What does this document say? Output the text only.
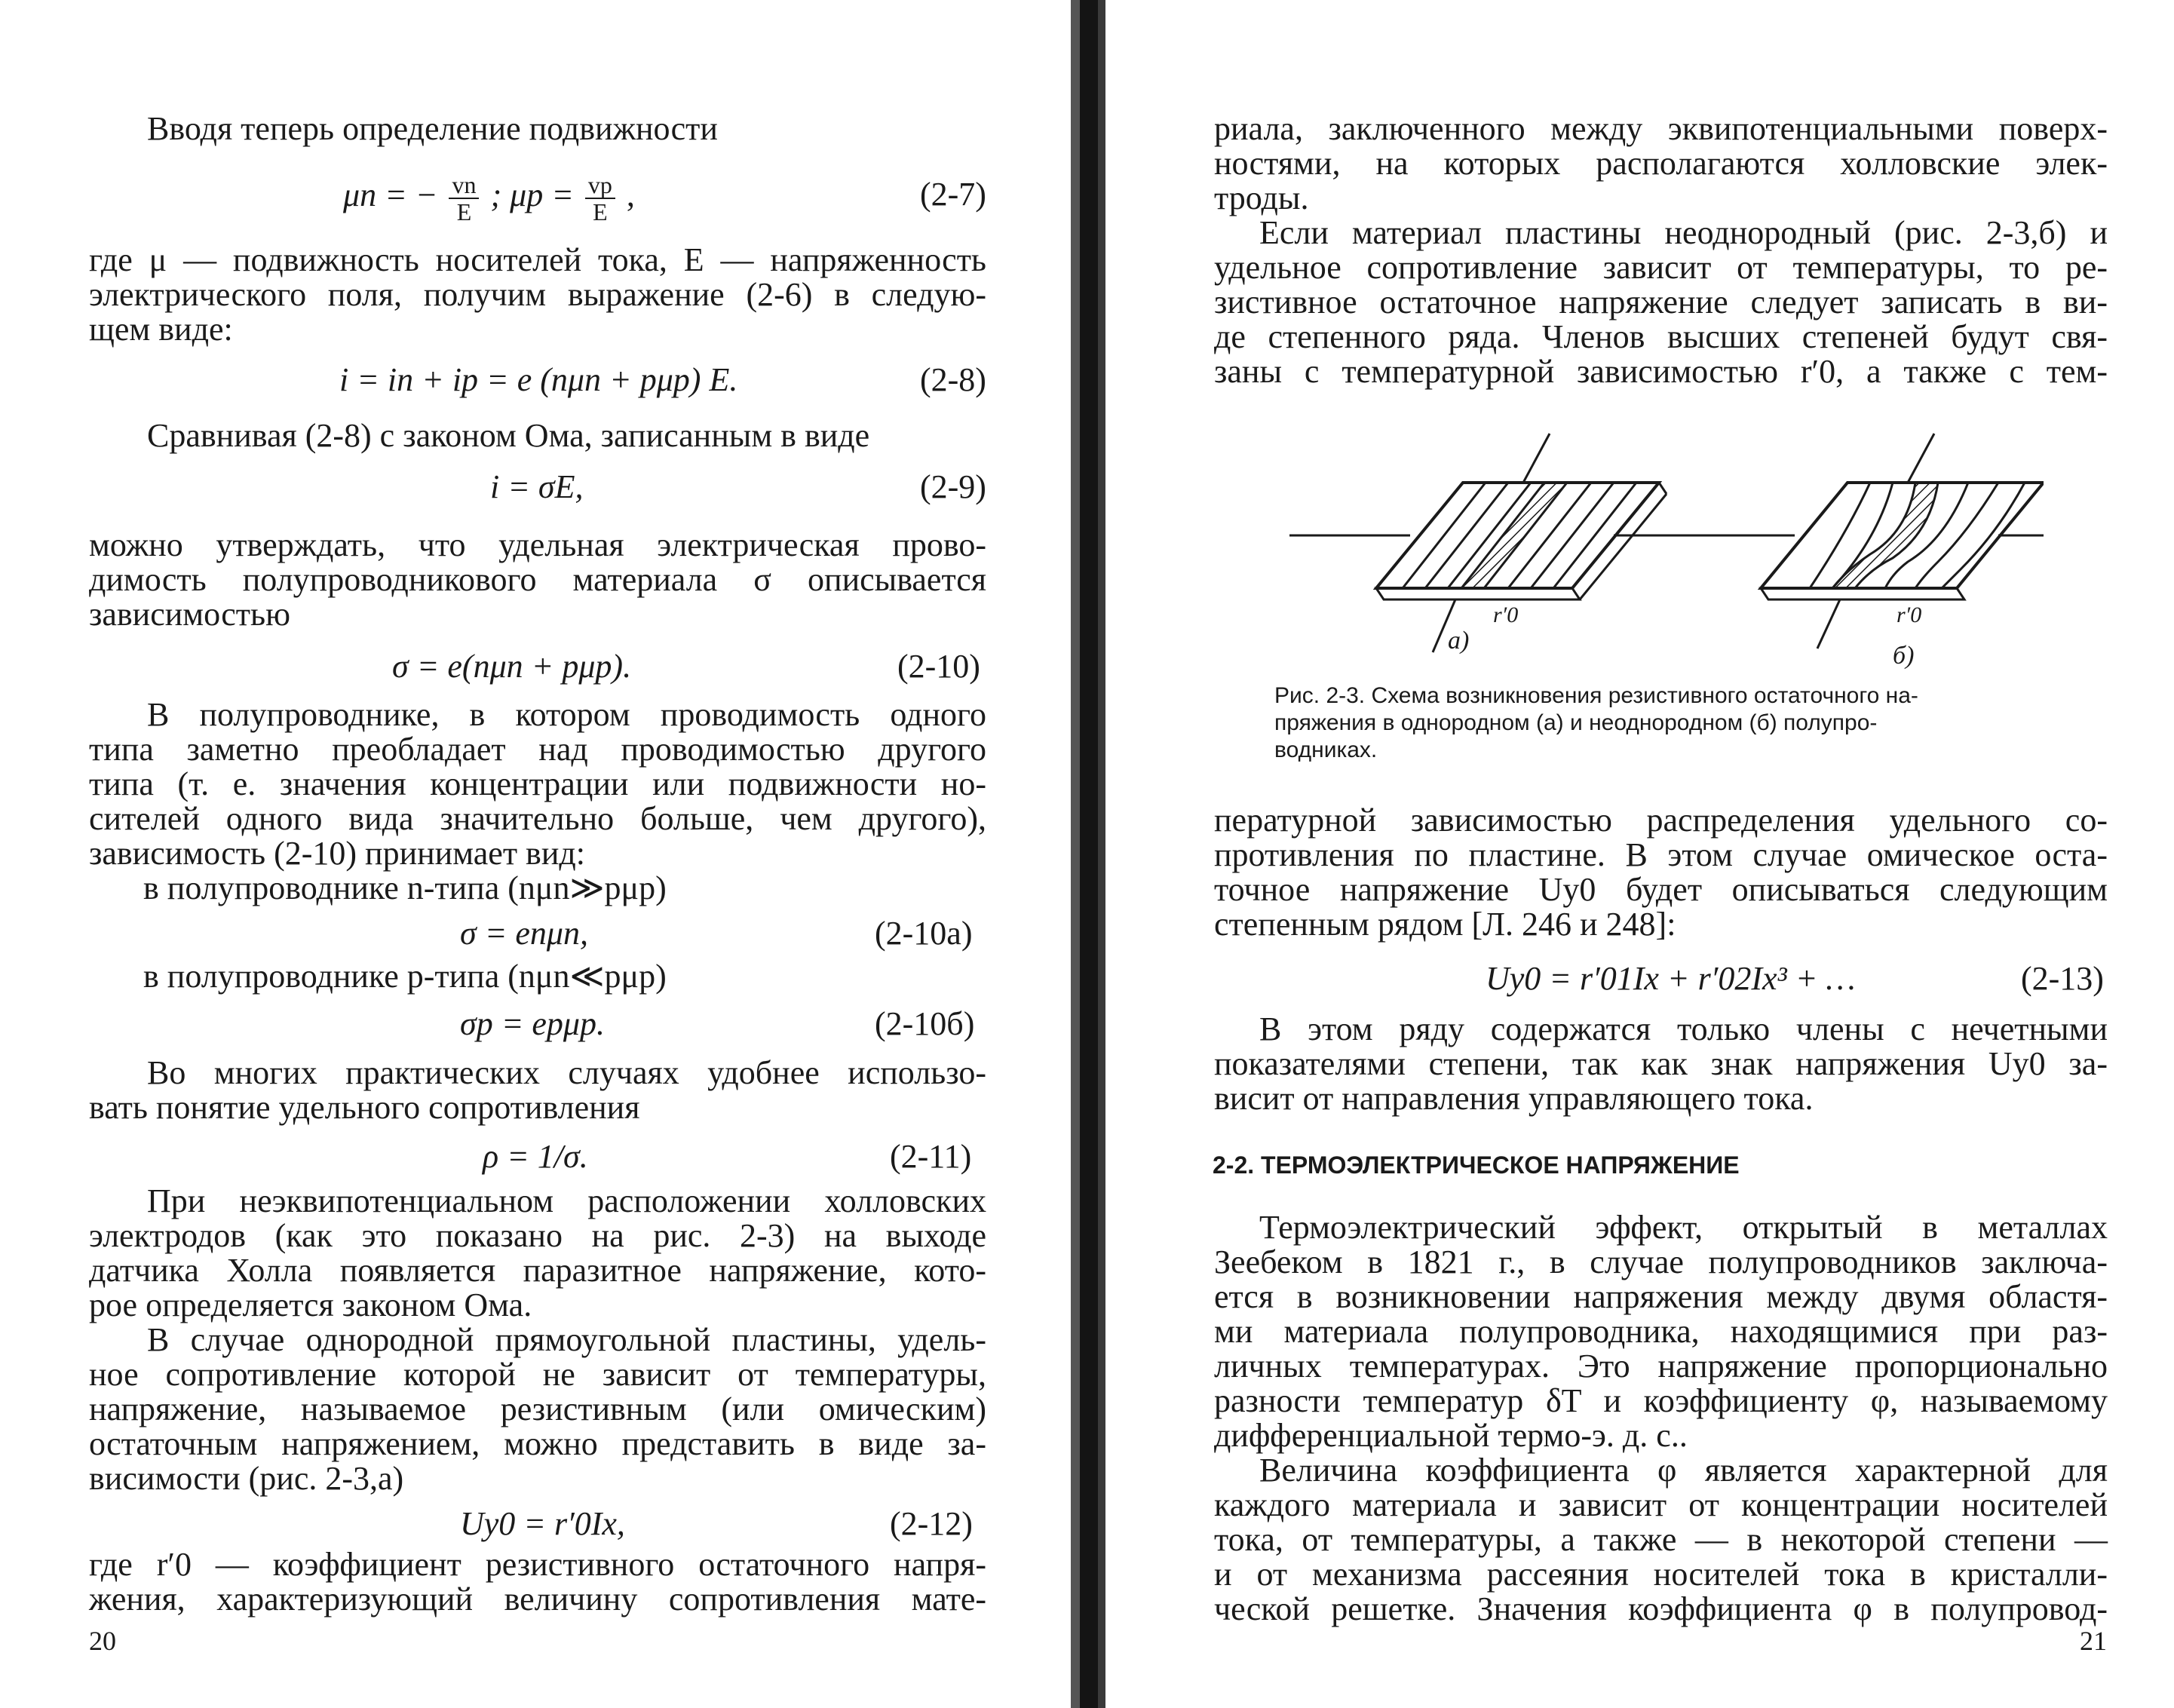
Вводя теперь определение подвижности
μn = − $\frac{vn}{E}$ ; $\mu p = \frac{vp}{E}$ ,	(2-7)
где μ — подвижность носителей тока, E — напряженность
электрического поля, получим выражение (2-6) в следую-
щем виде:
i = in + ip = e (nμn + pμp) E.	(2-8)
Сравнивая (2-8) с законом Ома, записанным в виде
i = σE,	(2-9)
можно утверждать, что удельная электрическая прово-
димость полупроводникового материала σ описывается
зависимостью
σ = e(nμn + pμp).	(2-10)
В полупроводнике, в котором проводимость одного
типа заметно преобладает над проводимостью другого
типа (т. е. значения концентрации или подвижности но-
сителей одного вида значительно больше, чем другого),
зависимость (2-10) принимает вид:
в полупроводнике n-типа (nμn≫pμp)
σ = enμn,	(2-10а)
в полупроводнике p-типа (nμn≪pμp)
σp = epμp.	(2-10б)
Во многих практических случаях удобнее использо-
вать понятие удельного сопротивления
ρ = 1/σ.	(2-11)
При неэквипотенциальном расположении холловских
электродов (как это показано на рис. 2-3) на выходе
датчика Холла появляется паразитное напряжение, кото-
рое определяется законом Ома.
В случае однородной прямоугольной пластины, удель-
ное сопротивление которой не зависит от температуры,
напряжение, называемое резистивным (или омическим)
остаточным напряжением, можно представить в виде за-
висимости (рис. 2-3,а)
Uy0 = r′0Ix,	(2-12)
где r′0 — коэффициент резистивного остаточного напря-
жения, характеризующий величину сопротивления мате-
20
риала, заключенного между эквипотенциальными поверх-
ностями, на которых располагаются холловские элек-
троды.
Если материал пластины неоднородный (рис. 2-3,б) и
удельное сопротивление зависит от температуры, то ре-
зистивное остаточное напряжение следует записать в ви-
де степенного ряда. Членов высших степеней будут свя-
заны с температурной зависимостью r′0, а также с тем-
а)
r′0
б)
r′0
Рис. 2-3. Схема возникновения резистивного остаточного на-
пряжения в однородном (а) и неоднородном (б) полупро-
водниках.
пературной зависимостью распределения удельного со-
противления по пластине. В этом случае омическое оста-
точное напряжение Uy0 будет описываться следующим
степенным рядом [Л. 246 и 248]:
Uy0 = r′01Ix + r′02Ix³ + …	(2-13)
В этом ряду содержатся только члены с нечетными
показателями степени, так как знак напряжения Uy0 за-
висит от направления управляющего тока.
2-2. ТЕРМОЭЛЕКТРИЧЕСКОЕ НАПРЯЖЕНИЕ
Термоэлектрический эффект, открытый в металлах
Зеебеком в 1821 г., в случае полупроводников заключа-
ется в возникновении напряжения между двумя областя-
ми материала полупроводника, находящимися при раз-
личных температурах. Это напряжение пропорционально
разности температур δT и коэффициенту φ, называемому
дифференциальной термо-э. д. с..
Величина коэффициента φ является характерной для
каждого материала и зависит от концентрации носителей
тока, от температуры, а также — в некоторой степени —
и от механизма рассеяния носителей тока в кристалли-
ческой решетке. Значения коэффициента φ в полупровод-
21
